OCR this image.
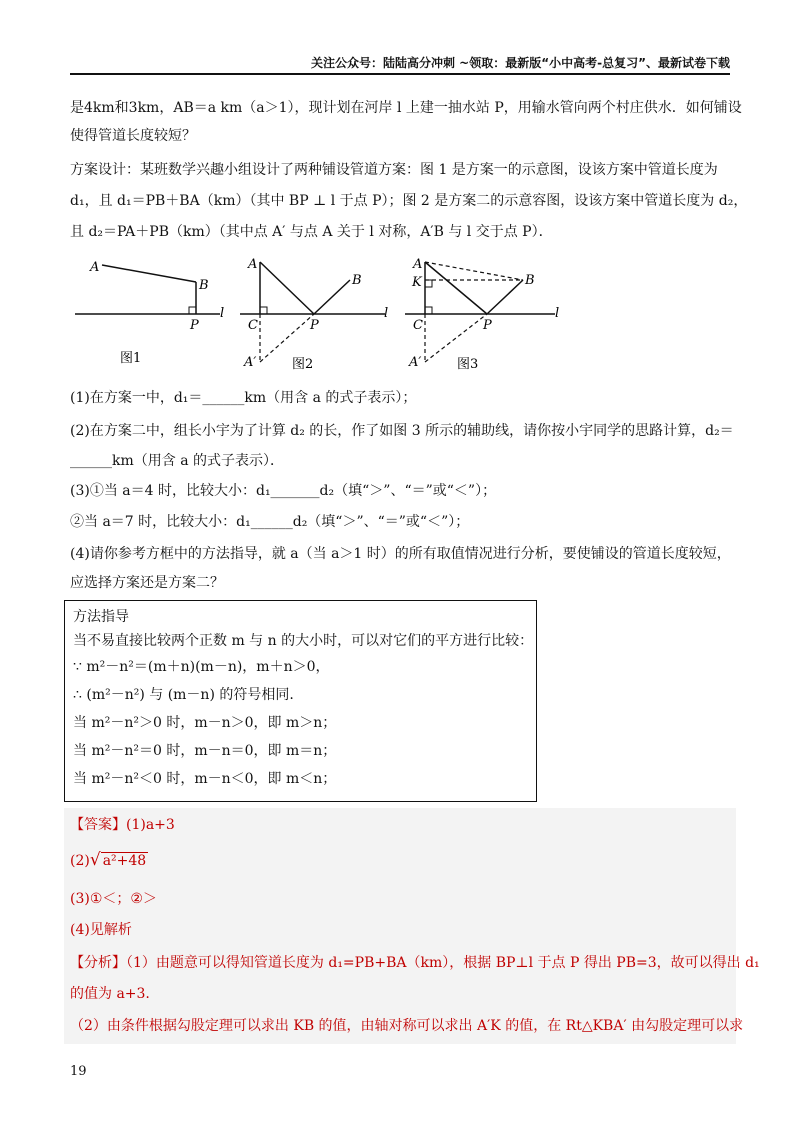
关注公众号：陆陆高分冲刺 ~领取：最新版“小中高考-总复习”、最新试卷下载
是4km和3km，AB＝a km（a＞1），现计划在河岸 l 上建一抽水站 P，用输水管向两个村庄供水．如何铺设
使得管道长度较短？
方案设计：某班数学兴趣小组设计了两种铺设管道方案：图 1 是方案一的示意图，设该方案中管道长度为
d₁，且 d₁＝PB＋BA（km）（其中 BP ⊥ l 于点 P）；图 2 是方案二的示意容图，设该方案中管道长度为 d₂，
且 d₂＝PA＋PB（km）（其中点 A′ 与点 A 关于 l 对称，A′B 与 l 交于点 P）．
A
B
P
l
图1
A
B
C	P
A′
l
图2
A
K	B
C	P
A′
l
图3
(1)在方案一中，d₁＝______km（用含 a 的式子表示）；
(2)在方案二中，组长小宇为了计算 d₂ 的长，作了如图 3 所示的辅助线，请你按小宇同学的思路计算，d₂＝
______km（用含 a 的式子表示）．
(3)①当 a＝4 时，比较大小：d₁_______d₂（填“＞”、“＝”或“＜”）；
②当 a＝7 时，比较大小：d₁______d₂（填“＞”、“＝”或“＜”）；
(4)请你参考方框中的方法指导，就 a（当 a＞1 时）的所有取值情况进行分析，要使铺设的管道长度较短，
应选择方案还是方案二？
方法指导
当不易直接比较两个正数 m 与 n 的大小时，可以对它们的平方进行比较：
∵ m²－n²＝(m＋n)(m－n)，m＋n＞0，
∴ (m²－n²) 与 (m－n) 的符号相同.
当 m²－n²＞0 时，m－n＞0，即 m＞n；
当 m²－n²＝0 时，m－n＝0，即 m＝n；
当 m²－n²＜0 时，m－n＜0，即 m＜n；
【答案】(1)a+3
(2)√ a²+48
(3)①＜；②＞
(4)见解析
【分析】（1）由题意可以得知管道长度为 d₁=PB+BA（km），根据 BP⊥l 于点 P 得出 PB=3，故可以得出 d₁
的值为 a+3.
（2）由条件根据勾股定理可以求出 KB 的值，由轴对称可以求出 A′K 的值，在 Rt△KBA′ 由勾股定理可以求
19
